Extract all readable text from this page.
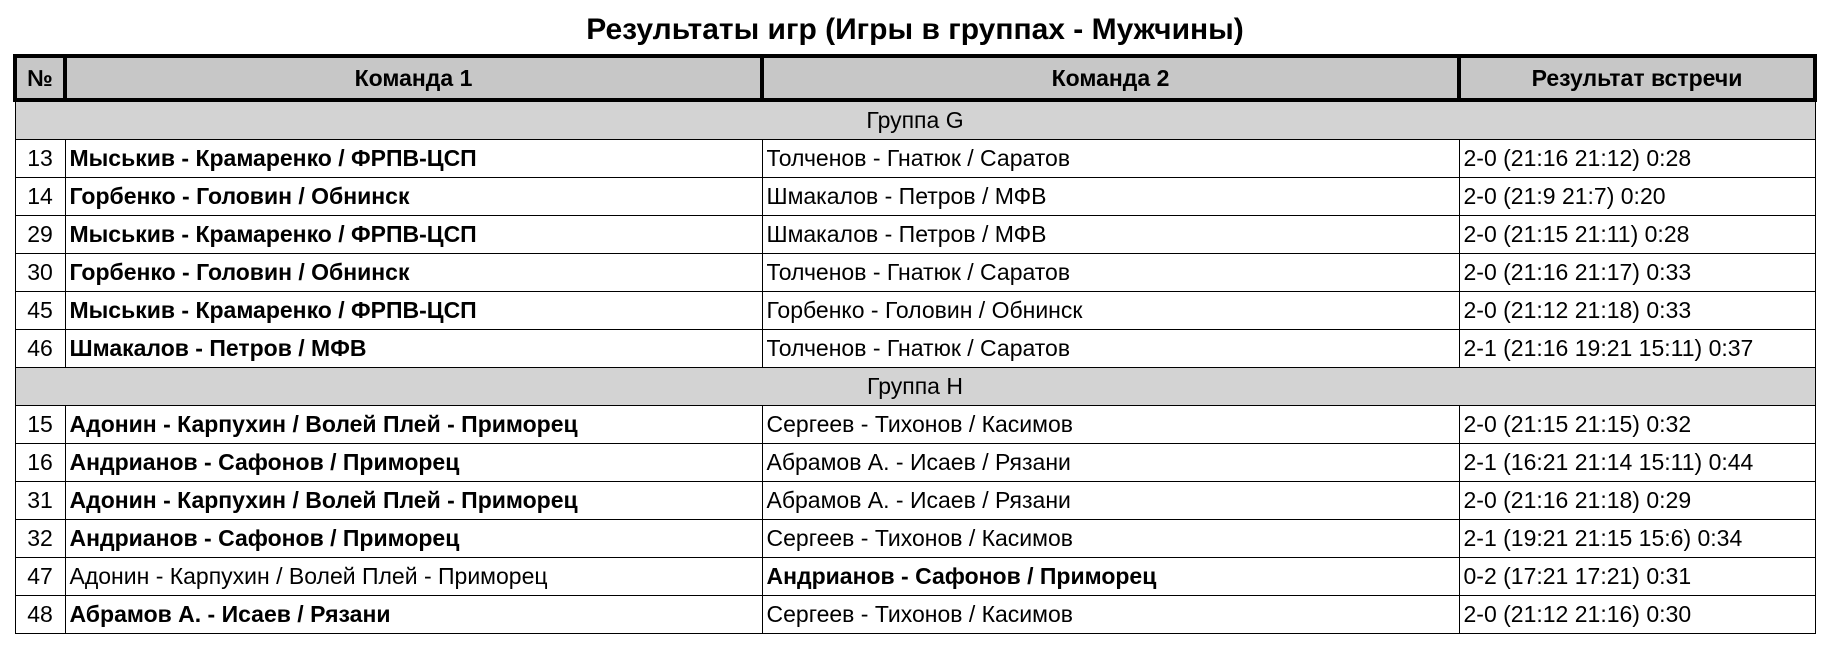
Результаты игр (Игры в группах - Мужчины)
№	Команда 1	Команда 2	Результат встречи
Группа G			
13	Мыськив - Крамаренко / ФРПВ-ЦСП	Толченов - Гнатюк / Саратов	2-0 (21:16 21:12) 0:28
14	Горбенко - Головин / Обнинск	Шмакалов - Петров / МФВ	2-0 (21:9 21:7) 0:20
29	Мыськив - Крамаренко / ФРПВ-ЦСП	Шмакалов - Петров / МФВ	2-0 (21:15 21:11) 0:28
30	Горбенко - Головин / Обнинск	Толченов - Гнатюк / Саратов	2-0 (21:16 21:17) 0:33
45	Мыськив - Крамаренко / ФРПВ-ЦСП	Горбенко - Головин / Обнинск	2-0 (21:12 21:18) 0:33
46	Шмакалов - Петров / МФВ	Толченов - Гнатюк / Саратов	2-1 (21:16 19:21 15:11) 0:37
Группа H			
15	Адонин - Карпухин / Волей Плей - Приморец	Сергеев - Тихонов / Касимов	2-0 (21:15 21:15) 0:32
16	Андрианов - Сафонов / Приморец	Абрамов А. - Исаев / Рязани	2-1 (16:21 21:14 15:11) 0:44
31	Адонин - Карпухин / Волей Плей - Приморец	Абрамов А. - Исаев / Рязани	2-0 (21:16 21:18) 0:29
32	Андрианов - Сафонов / Приморец	Сергеев - Тихонов / Касимов	2-1 (19:21 21:15 15:6) 0:34
47	Адонин - Карпухин / Волей Плей - Приморец	Андрианов - Сафонов / Приморец	0-2 (17:21 17:21) 0:31
48	Абрамов А. - Исаев / Рязани	Сергеев - Тихонов / Касимов	2-0 (21:12 21:16) 0:30
